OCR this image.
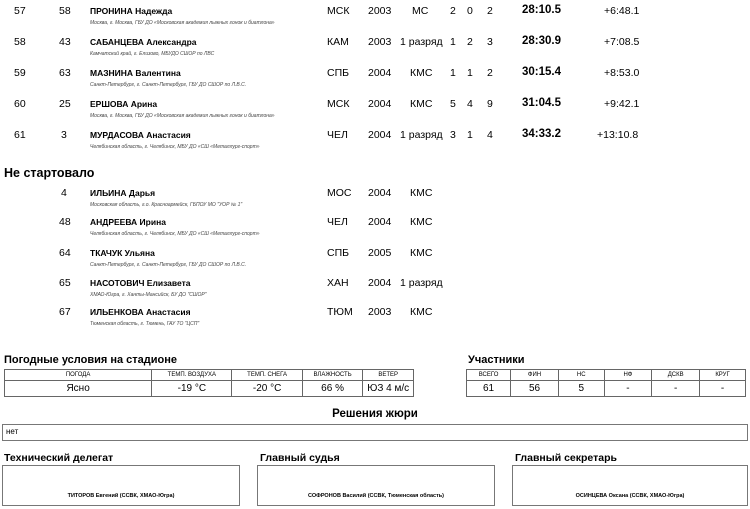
57	58 ПРОНИНА Надежда
Москва, г. Москва, ГБУ ДО «Московская академия лыжных гонок и биатлона»
МСК 2003 МС 2 0 2	28:10.5	+6:48.1
58	43 САБАНЦЕВА Александра
Камчатский край, г. Елизово, МБУДО СШОР по ЛВС
КАМ 2003 1 разряд 1 2 3	28:30.9	+7:08.5
59	63 МАЗНИНА Валентина
Санкт-Петербург, г. Санкт-Петербург, ГБУ ДО СШОР по Л.В.С.
СПБ 2004 КМС 1 1 2	30:15.4	+8:53.0
60	25 ЕРШОВА Арина
Москва, г. Москва, ГБУ ДО «Московская академия лыжных гонок и биатлона»
МСК 2004 КМС 5 4 9	31:04.5	+9:42.1
61	3	МУРДАСОВА Анастасия
Челябинская область, г. Челябинск, МБУ ДО «СШ «Металлург-спорт»
ЧЕЛ 2004 1 разряд 3 1 4	34:33.2	+13:10.8
Не стартовало
4	ИЛЬИНА Дарья
Московская область, г.о. Красноармейск, ГБПОУ МО "УОР № 1"
МОС 2004 КМС
48 АНДРЕЕВА Ирина
Челябинская область, г. Челябинск, МБУ ДО «СШ «Металлург-спорт»
ЧЕЛ 2004 КМС
64 ТКАЧУК Ульяна
Санкт-Петербург, г. Санкт-Петербург, ГБУ ДО СШОР по Л.В.С.
СПБ 2005 КМС
65 НАСОТОВИЧ Елизавета
ХМАО-Югра, г. Ханты-Мансийск, БУ ДО "СШОР"
ХАН 2004 1 разряд
67 ИЛЬЕНКОВА Анастасия
Тюменская область, г. Тюмень, ГАУ ТО "ЦСП"
ТЮМ 2003 КМС
Погодные условия на стадионе
ПОГОДА	ТЕМП. ВОЗДУХА	ТЕМП. СНЕГА	ВЛАЖНОСТЬ	ВЕТЕР
Ясно	-19 °C	-20 °C	66 %	ЮЗ 4 м/с
Участники
ВСЕГО	ФИН	НС	НФ	ДСКВ	КРУГ
61	56	5	-	-	-
Решения жюри
нет
Технический делегат
ТИТОРОВ Евгений (ССВК, ХМАО-Югра)
Главный судья
СОФРОНОВ Василий (ССВК, Тюменская область)
Главный секретарь
ОСИНЦЕВА Оксана (ССВК, ХМАО-Югра)
